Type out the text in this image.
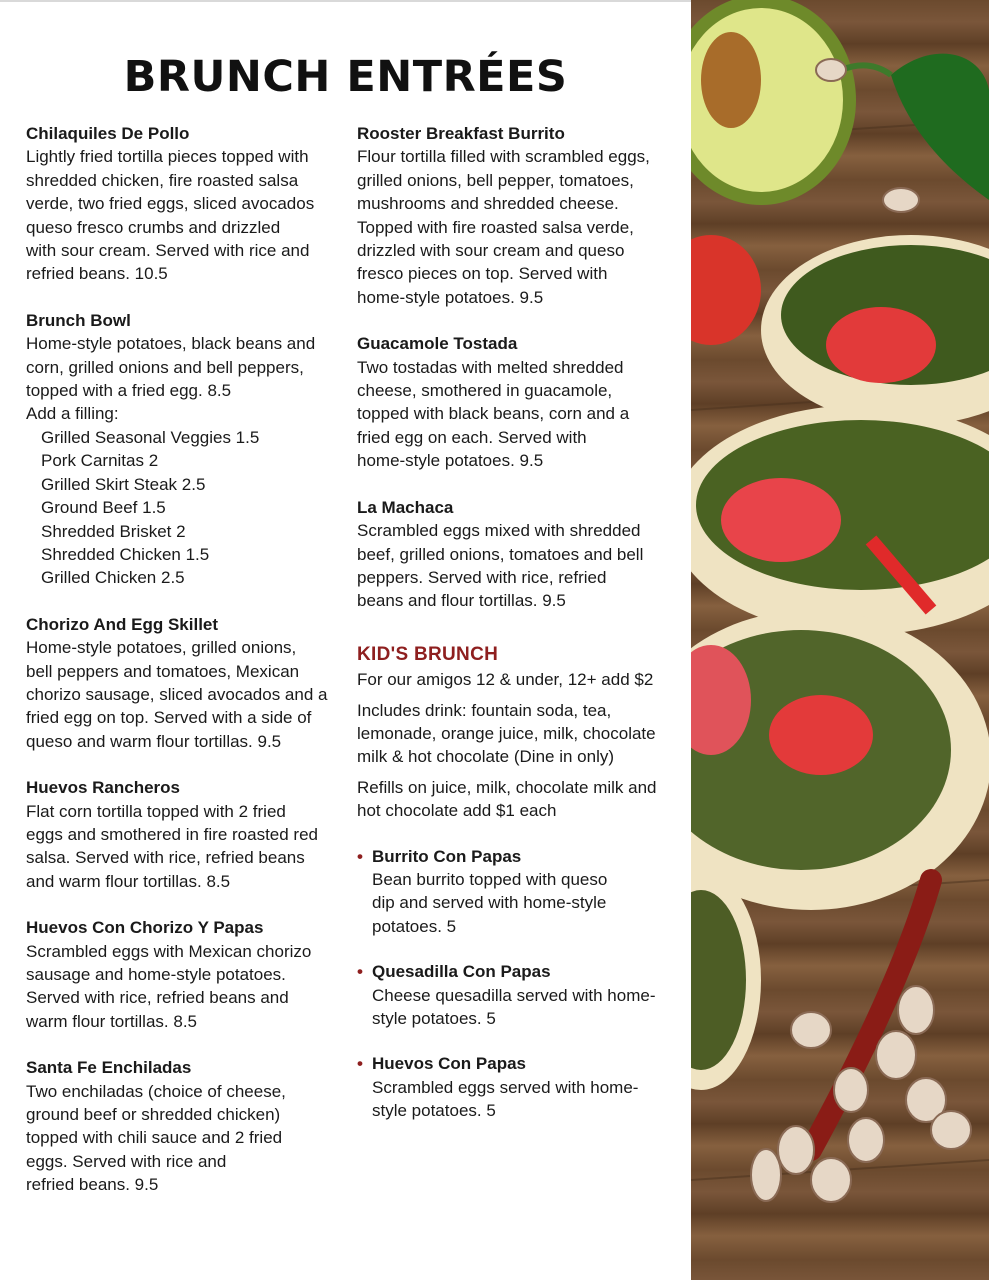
BRUNCH ENTRÉES
Chilaquiles De Pollo
Lightly fried tortilla pieces topped with
shredded chicken, fire roasted salsa
verde, two fried eggs, sliced avocados
queso fresco crumbs and drizzled
with sour cream. Served with rice and
refried beans. 10.5
Brunch Bowl
Home-style potatoes, black beans and
corn, grilled onions and bell peppers,
topped with a fried egg. 8.5
Add a filling:
Grilled Seasonal Veggies 1.5
Pork Carnitas 2
Grilled Skirt Steak 2.5
Ground Beef 1.5
Shredded Brisket 2
Shredded Chicken 1.5
Grilled Chicken 2.5
Chorizo And Egg Skillet
Home-style potatoes, grilled onions,
bell peppers and tomatoes, Mexican
chorizo sausage, sliced avocados and a
fried egg on top. Served with a side of
queso and warm flour tortillas. 9.5
Huevos Rancheros
Flat corn tortilla topped with 2 fried
eggs and smothered in fire roasted red
salsa. Served with rice, refried beans
and warm flour tortillas. 8.5
Huevos Con Chorizo Y Papas
Scrambled eggs with Mexican chorizo
sausage and home-style potatoes.
Served with rice, refried beans and
warm flour tortillas. 8.5
Santa Fe Enchiladas
Two enchiladas (choice of cheese,
ground beef or shredded chicken)
topped with chili sauce and 2 fried
eggs. Served with rice and
refried beans. 9.5
Rooster Breakfast Burrito
Flour tortilla filled with scrambled eggs,
grilled onions, bell pepper, tomatoes,
mushrooms and shredded cheese.
Topped with fire roasted salsa verde,
drizzled with sour cream and queso
fresco pieces on top. Served with
home-style potatoes. 9.5
Guacamole Tostada
Two tostadas with melted shredded
cheese, smothered in guacamole,
topped with black beans, corn and a
fried egg on each. Served with
home-style potatoes. 9.5
La Machaca
Scrambled eggs mixed with shredded
beef, grilled onions, tomatoes and bell
peppers. Served with rice, refried
beans and flour tortillas. 9.5
KID'S BRUNCH
For our amigos 12 & under, 12+ add $2
Includes drink: fountain soda, tea,
lemonade, orange juice, milk, chocolate
milk & hot chocolate (Dine in only)
Refills on juice, milk, chocolate milk and
hot chocolate add $1 each
• Burrito Con Papas
Bean burrito topped with queso
dip and served with home-style
potatoes. 5
• Quesadilla Con Papas
Cheese quesadilla served with home-
style potatoes. 5
• Huevos Con Papas
Scrambled eggs served with home-
style potatoes. 5
